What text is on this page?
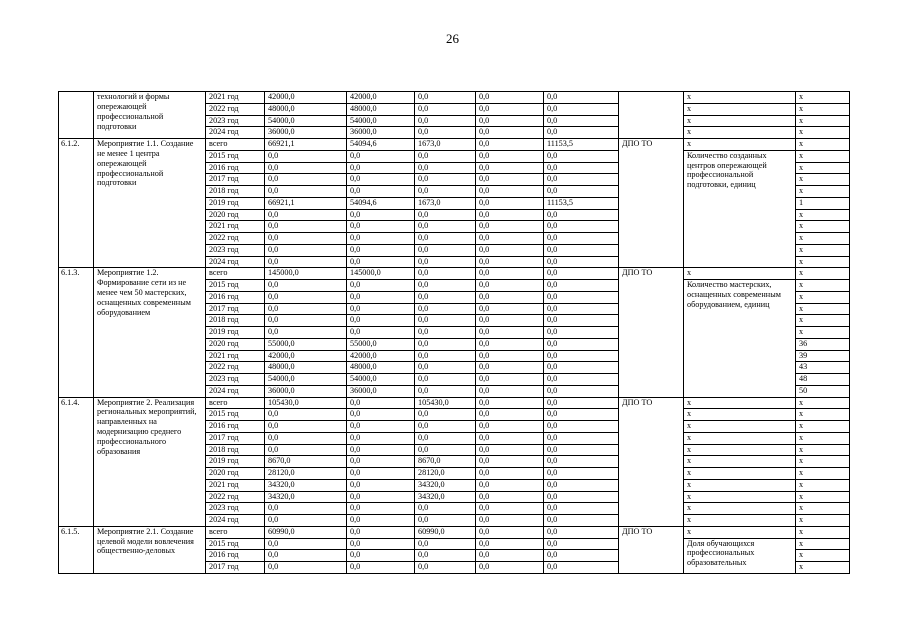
26
	технологий и формы опережающей профессиональной подготовки	2021 год	42000,0	42000,0	0,0	0,0	0,0		х	х
		2022 год	48000,0	48000,0	0,0	0,0	0,0		х	х
		2023 год	54000,0	54000,0	0,0	0,0	0,0		х	х
		2024 год	36000,0	36000,0	0,0	0,0	0,0		х	х
6.1.2.	Мероприятие 1.1. Создание не менее 1 центра опережающей профессиональной подготовки	всего	66921,1	54094,6	1673,0	0,0	11153,5	ДПО ТО	х	х
		2015 год	0,0	0,0	0,0	0,0	0,0		Количество созданных центров опережающей профессиональной подготовки, единиц	х
		2016 год	0,0	0,0	0,0	0,0	0,0			х
		2017 год	0,0	0,0	0,0	0,0	0,0			х
		2018 год	0,0	0,0	0,0	0,0	0,0			х
		2019 год	66921,1	54094,6	1673,0	0,0	11153,5			1
		2020 год	0,0	0,0	0,0	0,0	0,0			х
		2021 год	0,0	0,0	0,0	0,0	0,0			х
		2022 год	0,0	0,0	0,0	0,0	0,0			х
		2023 год	0,0	0,0	0,0	0,0	0,0			х
		2024 год	0,0	0,0	0,0	0,0	0,0			х
6.1.3.	Мероприятие 1.2. Формирование сети из не менее чем 50 мастерских, оснащенных современным оборудованием	всего	145000,0	145000,0	0,0	0,0	0,0	ДПО ТО	х	х
		2015 год	0,0	0,0	0,0	0,0	0,0		Количество мастерских, оснащенных современным оборудованием, единиц	х
		2016 год	0,0	0,0	0,0	0,0	0,0			х
		2017 год	0,0	0,0	0,0	0,0	0,0			х
		2018 год	0,0	0,0	0,0	0,0	0,0			х
		2019 год	0,0	0,0	0,0	0,0	0,0			х
		2020 год	55000,0	55000,0	0,0	0,0	0,0			36
		2021 год	42000,0	42000,0	0,0	0,0	0,0			39
		2022 год	48000,0	48000,0	0,0	0,0	0,0			43
		2023 год	54000,0	54000,0	0,0	0,0	0,0			48
		2024 год	36000,0	36000,0	0,0	0,0	0,0			50
6.1.4.	Мероприятие 2. Реализация региональных мероприятий, направленных на модернизацию среднего профессионального образования	всего	105430,0	0,0	105430,0	0,0	0,0	ДПО ТО	х	х
		2015 год	0,0	0,0	0,0	0,0	0,0		х	х
		2016 год	0,0	0,0	0,0	0,0	0,0		х	х
		2017 год	0,0	0,0	0,0	0,0	0,0		х	х
		2018 год	0,0	0,0	0,0	0,0	0,0		х	х
		2019 год	8670,0	0,0	8670,0	0,0	0,0		х	х
		2020 год	28120,0	0,0	28120,0	0,0	0,0		х	х
		2021 год	34320,0	0,0	34320,0	0,0	0,0		х	х
		2022 год	34320,0	0,0	34320,0	0,0	0,0		х	х
		2023 год	0,0	0,0	0,0	0,0	0,0		х	х
		2024 год	0,0	0,0	0,0	0,0	0,0		х	х
6.1.5.	Мероприятие 2.1. Создание целевой модели вовлечения общественно-деловых	всего	60990,0	0,0	60990,0	0,0	0,0	ДПО ТО	х	х
		2015 год	0,0	0,0	0,0	0,0	0,0		Доля обучающихся профессиональных образовательных	х
		2016 год	0,0	0,0	0,0	0,0	0,0			х
		2017 год	0,0	0,0	0,0	0,0	0,0			х
